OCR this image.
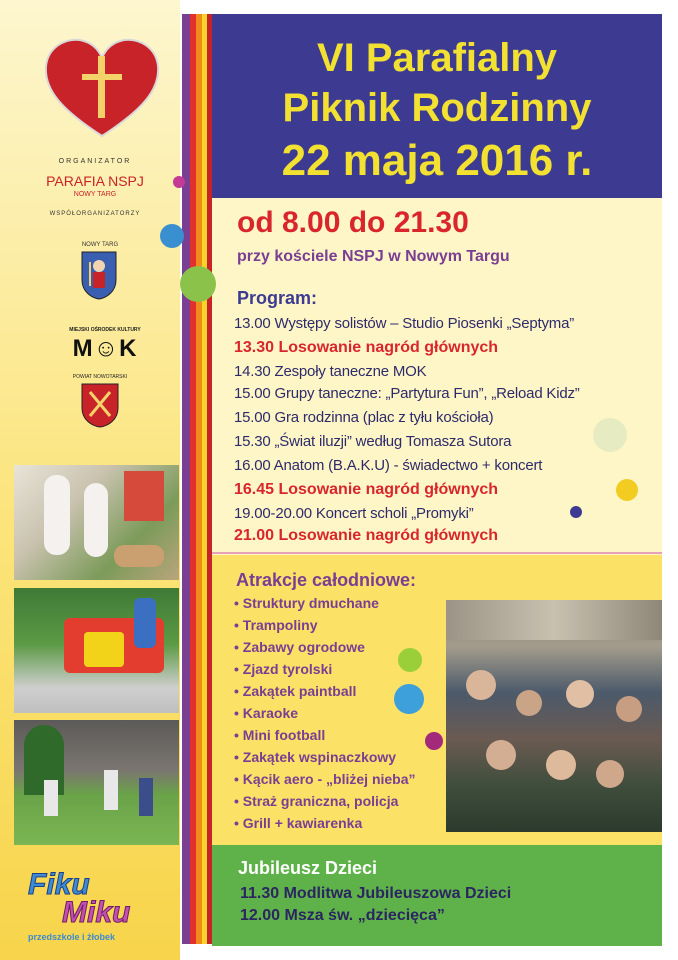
ORGANIZATOR
PARAFIA NSPJ
NOWY TARG
WSPÓŁORGANIZATORZY
NOWY TARG
MIEJSKI OŚRODEK KULTURY
M☺K
POWIAT NOWOTARSKI
Fiku
Miku
przedszkole i żłobek
VI Parafialny
Piknik Rodzinny
22 maja 2016 r.
od 8.00 do 21.30
przy kościele NSPJ w Nowym Targu
Program:
13.00 Występy solistów – Studio Piosenki „Septyma”
13.30 Losowanie nagród głównych
14.30 Zespoły taneczne MOK
15.00 Grupy taneczne: „Partytura Fun”, „Reload Kidz”
15.00 Gra rodzinna (plac z tyłu kościoła)
15.30 „Świat iluzji” według Tomasza Sutora
16.00 Anatom (B.A.K.U) - świadectwo + koncert
16.45 Losowanie nagród głównych
19.00-20.00 Koncert scholi „Promyki”
21.00 Losowanie nagród głównych
Atrakcje całodniowe:
• Struktury dmuchane
• Trampoliny
• Zabawy ogrodowe
• Zjazd tyrolski
• Zakątek paintball
• Karaoke
• Mini football
• Zakątek wspinaczkowy
• Kącik aero - „bliżej nieba”
• Straż graniczna, policja
• Grill + kawiarenka
Jubileusz Dzieci
11.30 Modlitwa Jubileuszowa Dzieci
12.00 Msza św. „dziecięca”
